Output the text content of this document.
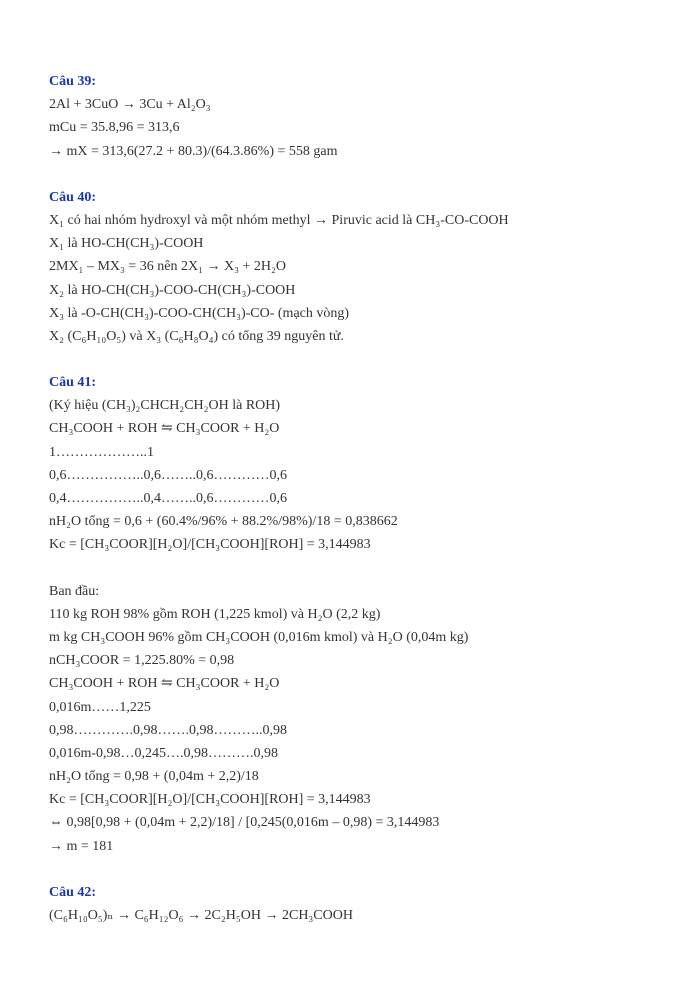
Câu 39:
2Al + 3CuO → 3Cu + Al₂O₃
mCu = 35.8,96 = 313,6
→ mX = 313,6(27.2 + 80.3)/(64.3.86%) = 558 gam
Câu 40:
X₁ có hai nhóm hydroxyl và một nhóm methyl → Piruvic acid là CH₃-CO-COOH
X₁ là HO-CH(CH₃)-COOH
2MX₁ – MX₃ = 36 nên 2X₁ → X₃ + 2H₂O
X₂ là HO-CH(CH₃)-COO-CH(CH₃)-COOH
X₃ là -O-CH(CH₃)-COO-CH(CH₃)-CO- (mạch vòng)
X₂ (C₆H₁₀O₅) và X₃ (C₆H₈O₄) có tổng 39 nguyên tử.
Câu 41:
(Ký hiệu (CH₃)₂CHCH₂CH₂OH là ROH)
CH₃COOH + ROH ⇋ CH₃COOR + H₂O
1………………..1
0,6……………..0,6……..0,6…………0,6
0,4……………..0,4……..0,6…………0,6
nH₂O tổng = 0,6 + (60.4%/96% + 88.2%/98%)/18 = 0,838662
Kc = [CH₃COOR][H₂O]/[CH₃COOH][ROH] = 3,144983
Ban đầu:
110 kg ROH 98% gồm ROH (1,225 kmol) và H₂O (2,2 kg)
m kg CH₃COOH 96% gồm CH₃COOH (0,016m kmol) và H₂O (0,04m kg)
nCH₃COOR = 1,225.80% = 0,98
CH₃COOH + ROH ⇋ CH₃COOR + H₂O
0,016m……1,225
0,98………….0,98…….0,98………..0,98
0,016m-0,98…0,245….0,98……….0,98
nH₂O tổng = 0,98 + (0,04m + 2,2)/18
Kc = [CH₃COOR][H₂O]/[CH₃COOH][ROH] = 3,144983
⇔ 0,98[0,98 + (0,04m + 2,2)/18] / [0,245(0,016m – 0,98) = 3,144983
→ m = 181
Câu 42:
(C₆H₁₀O₅)ₙ → C₆H₁₂O₆ → 2C₂H₅OH → 2CH₃COOH
